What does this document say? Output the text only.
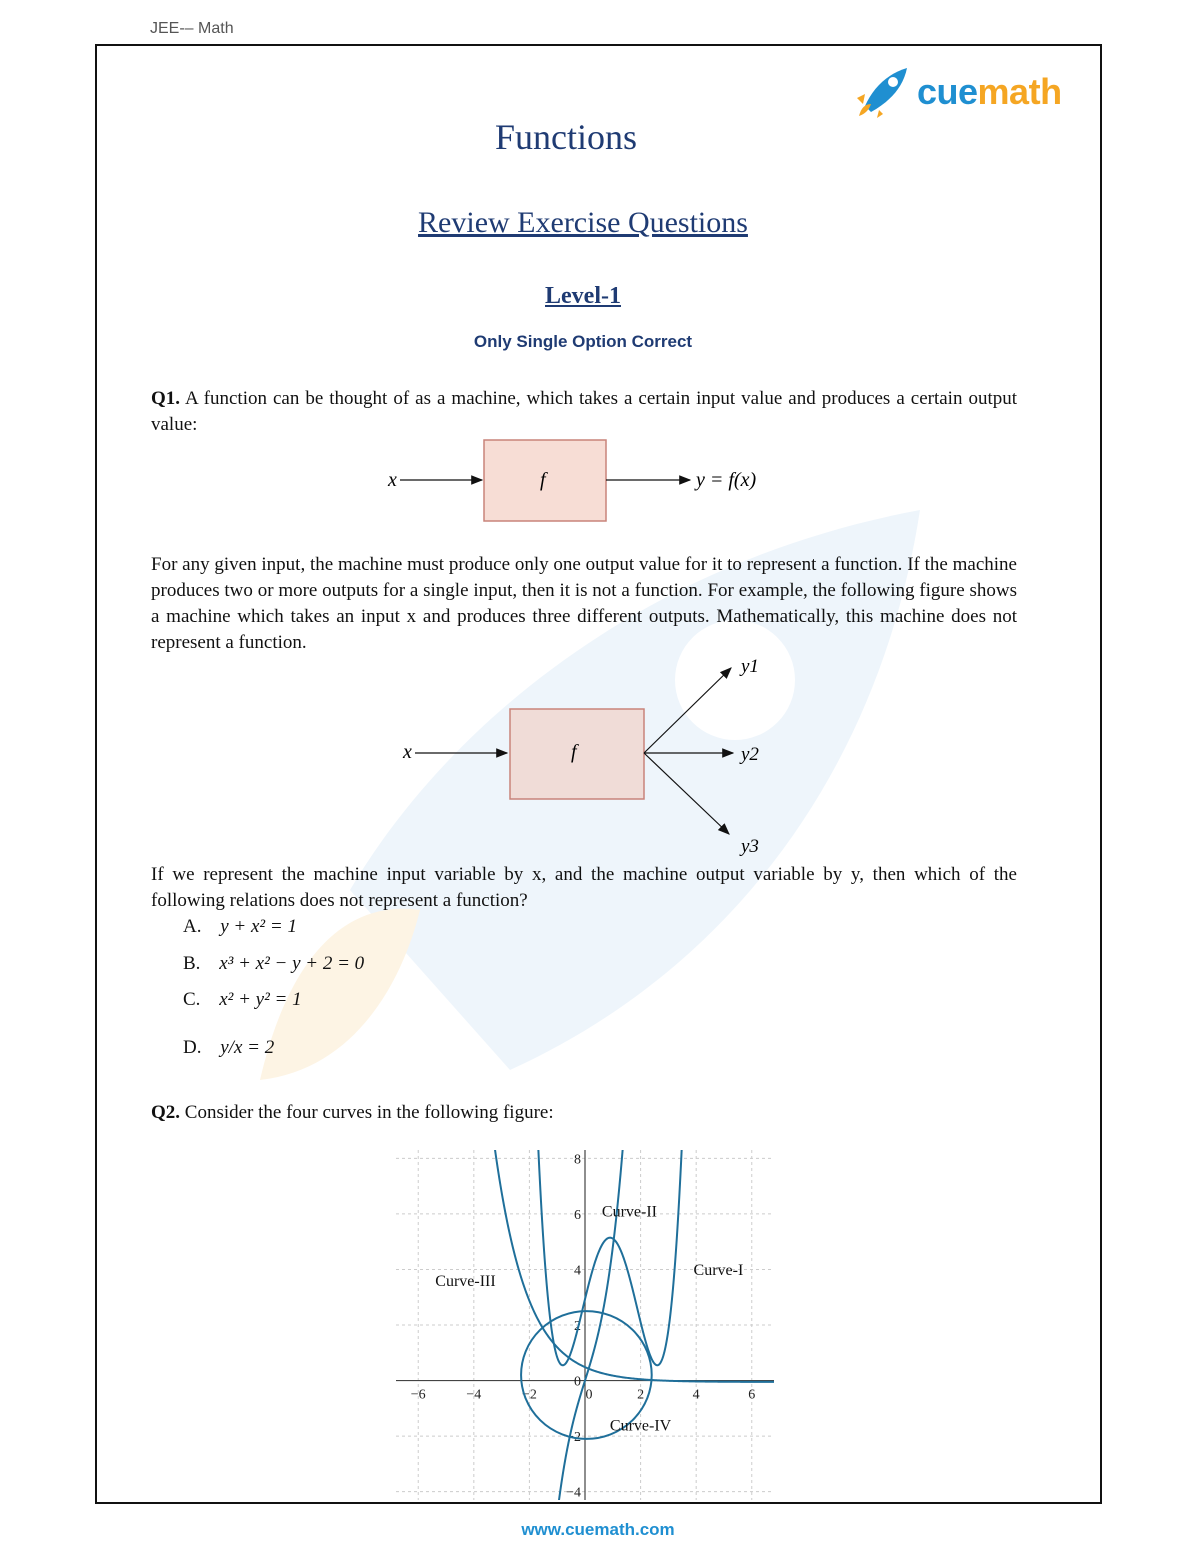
JEE-– Math
cuemath
Functions
Review Exercise Questions
Level-1
Only Single Option Correct
Q1. A function can be thought of as a machine, which takes a certain input value and produces a certain output value:
x	f	y = f(x)
For any given input, the machine must produce only one output value for it to represent a function. If the machine produces two or more outputs for a single input, then it is not a function. For example, the following figure shows a machine which takes an input x and produces three different outputs. Mathematically, this machine does not represent a function.
x	f
y1
y2
y3
If we represent the machine input variable by x, and the machine output variable by y, then which of the following relations does not represent a function?
A. y + x² = 1
B. x³ + x² − y + 2 = 0
C. x² + y² = 1
D. y/x = 2
Q2. Consider the four curves in the following figure:
−6	−4	−2	0	2	4	6
−4
−2
0
2
4
6
8
Curve-I
Curve-II
Curve-III
Curve-IV
www.cuemath.com
